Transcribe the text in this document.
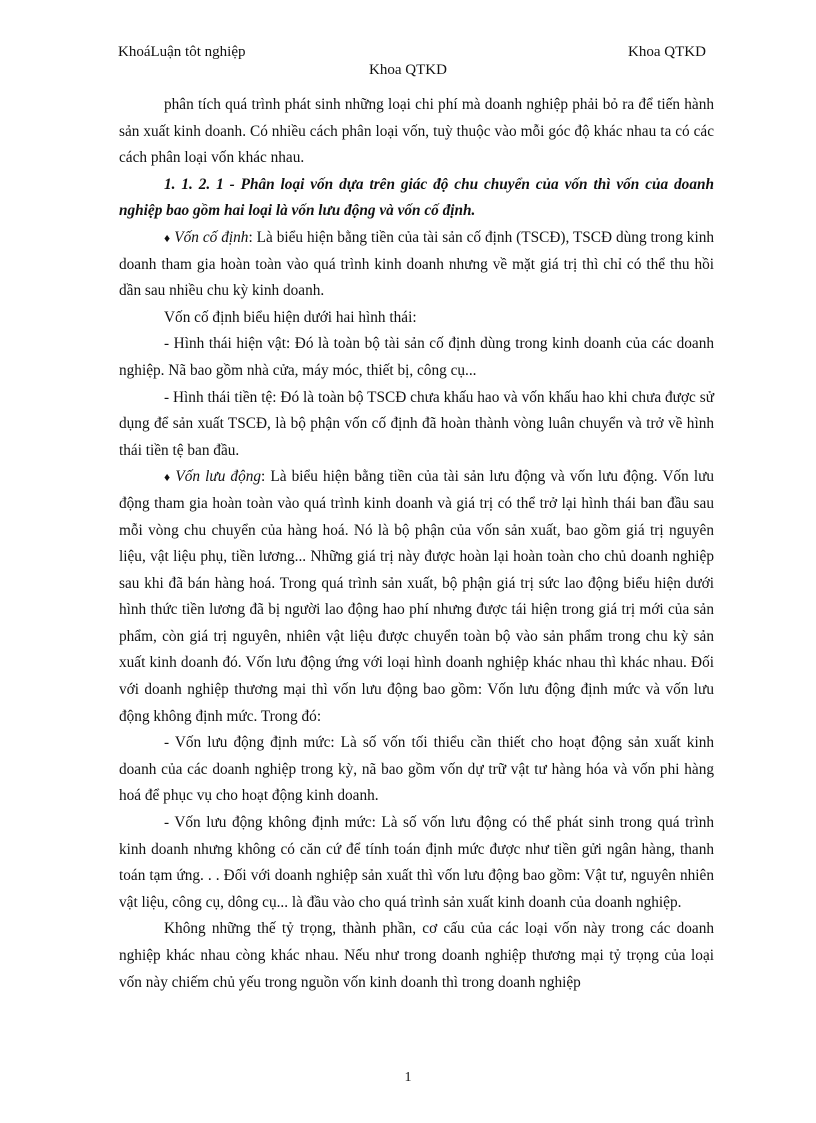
KhoáLuận tôt nghiệp	Khoa QTKD
Khoa QTKD

phân tích quá trình phát sinh những loại chi phí mà doanh nghiệp phải bỏ ra để tiến hành sản xuất kinh doanh. Có nhiều cách phân loại vốn, tuỳ thuộc vào mỗi góc độ khác nhau ta có các cách phân loại vốn khác nhau.

1. 1. 2. 1 - Phân loại vốn dựa trên giác độ chu chuyển của vốn thì vốn của doanh nghiệp bao gồm hai loại là vốn lưu động và vốn cố định.

♦ Vốn cố định: Là biểu hiện bằng tiền của tài sản cố định (TSCĐ), TSCĐ dùng trong kinh doanh tham gia hoàn toàn vào quá trình kinh doanh nhưng về mặt giá trị thì chỉ có thể thu hồi dần sau nhiều chu kỳ kinh doanh.

Vốn cố định biểu hiện dưới hai hình thái:

- Hình thái hiện vật: Đó là toàn bộ tài sản cố định dùng trong kinh doanh của các doanh nghiệp. Nã bao gồm nhà cửa, máy móc, thiết bị, công cụ...

- Hình thái tiền tệ: Đó là toàn bộ TSCĐ chưa khấu hao và vốn khấu hao khi chưa được sử dụng để sản xuất TSCĐ, là bộ phận vốn cố định đã hoàn thành vòng luân chuyển và trở về hình thái tiền tệ ban đầu.

♦ Vốn lưu động: Là biểu hiện bằng tiền của tài sản lưu động và vốn lưu động. Vốn lưu động tham gia hoàn toàn vào quá trình kinh doanh và giá trị có thể trở lại hình thái ban đầu sau mỗi vòng chu chuyển của hàng hoá. Nó là bộ phận của vốn sản xuất, bao gồm giá trị nguyên liệu, vật liệu phụ, tiền lương... Những giá trị này được hoàn lại hoàn toàn cho chủ doanh nghiệp sau khi đã bán hàng hoá. Trong quá trình sản xuất, bộ phận giá trị sức lao động biểu hiện dưới hình thức tiền lương đã bị người lao động hao phí nhưng được tái hiện trong giá trị mới của sản phẩm, còn giá trị nguyên, nhiên vật liệu được chuyển toàn bộ vào sản phẩm trong chu kỳ sản xuất kinh doanh đó. Vốn lưu động ứng với loại hình doanh nghiệp khác nhau thì khác nhau. Đối với doanh nghiệp thương mại thì vốn lưu động bao gồm: Vốn lưu động định mức và vốn lưu động không định mức. Trong đó:

- Vốn lưu động định mức: Là số vốn tối thiểu cần thiết cho hoạt động sản xuất kinh doanh của các doanh nghiệp trong kỳ, nã bao gồm vốn dự trữ vật tư hàng hóa và vốn phi hàng hoá để phục vụ cho hoạt động kinh doanh.

- Vốn lưu động không định mức: Là số vốn lưu động có thể phát sinh trong quá trình kinh doanh nhưng không có căn cứ để tính toán định mức được như tiền gửi ngân hàng, thanh toán tạm ứng. . . Đối với doanh nghiệp sản xuất thì vốn lưu động bao gồm: Vật tư, nguyên nhiên vật liệu, công cụ, dông cụ... là đầu vào cho quá trình sản xuất kinh doanh của doanh nghiệp.

Không những thế tỷ trọng, thành phần, cơ cấu của các loại vốn này trong các doanh nghiệp khác nhau còng khác nhau. Nếu như trong doanh nghiệp thương mại tỷ trọng của loại vốn này chiếm chủ yếu trong nguồn vốn kinh doanh thì trong doanh nghiệp

1
